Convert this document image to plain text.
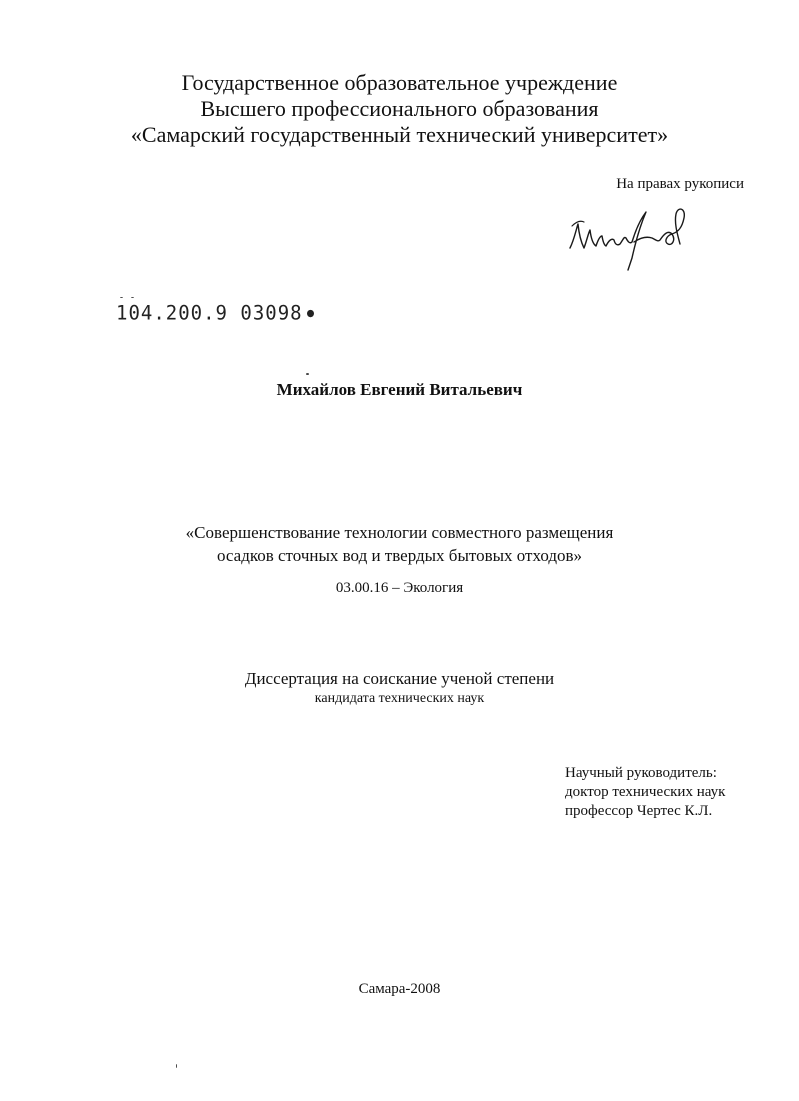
Государственное образовательное учреждение
Высшего профессионального образования
«Самарский государственный технический университет»
На правах рукописи
104.200.9 03098
Михайлов Евгений Витальевич
«Совершенствование технологии совместного размещения
осадков сточных вод и твердых бытовых отходов»
03.00.16 – Экология
Диссертация на соискание ученой степени
кандидата технических наук
Научный руководитель:
доктор технических наук
профессор Чертес К.Л.
Самара-2008
